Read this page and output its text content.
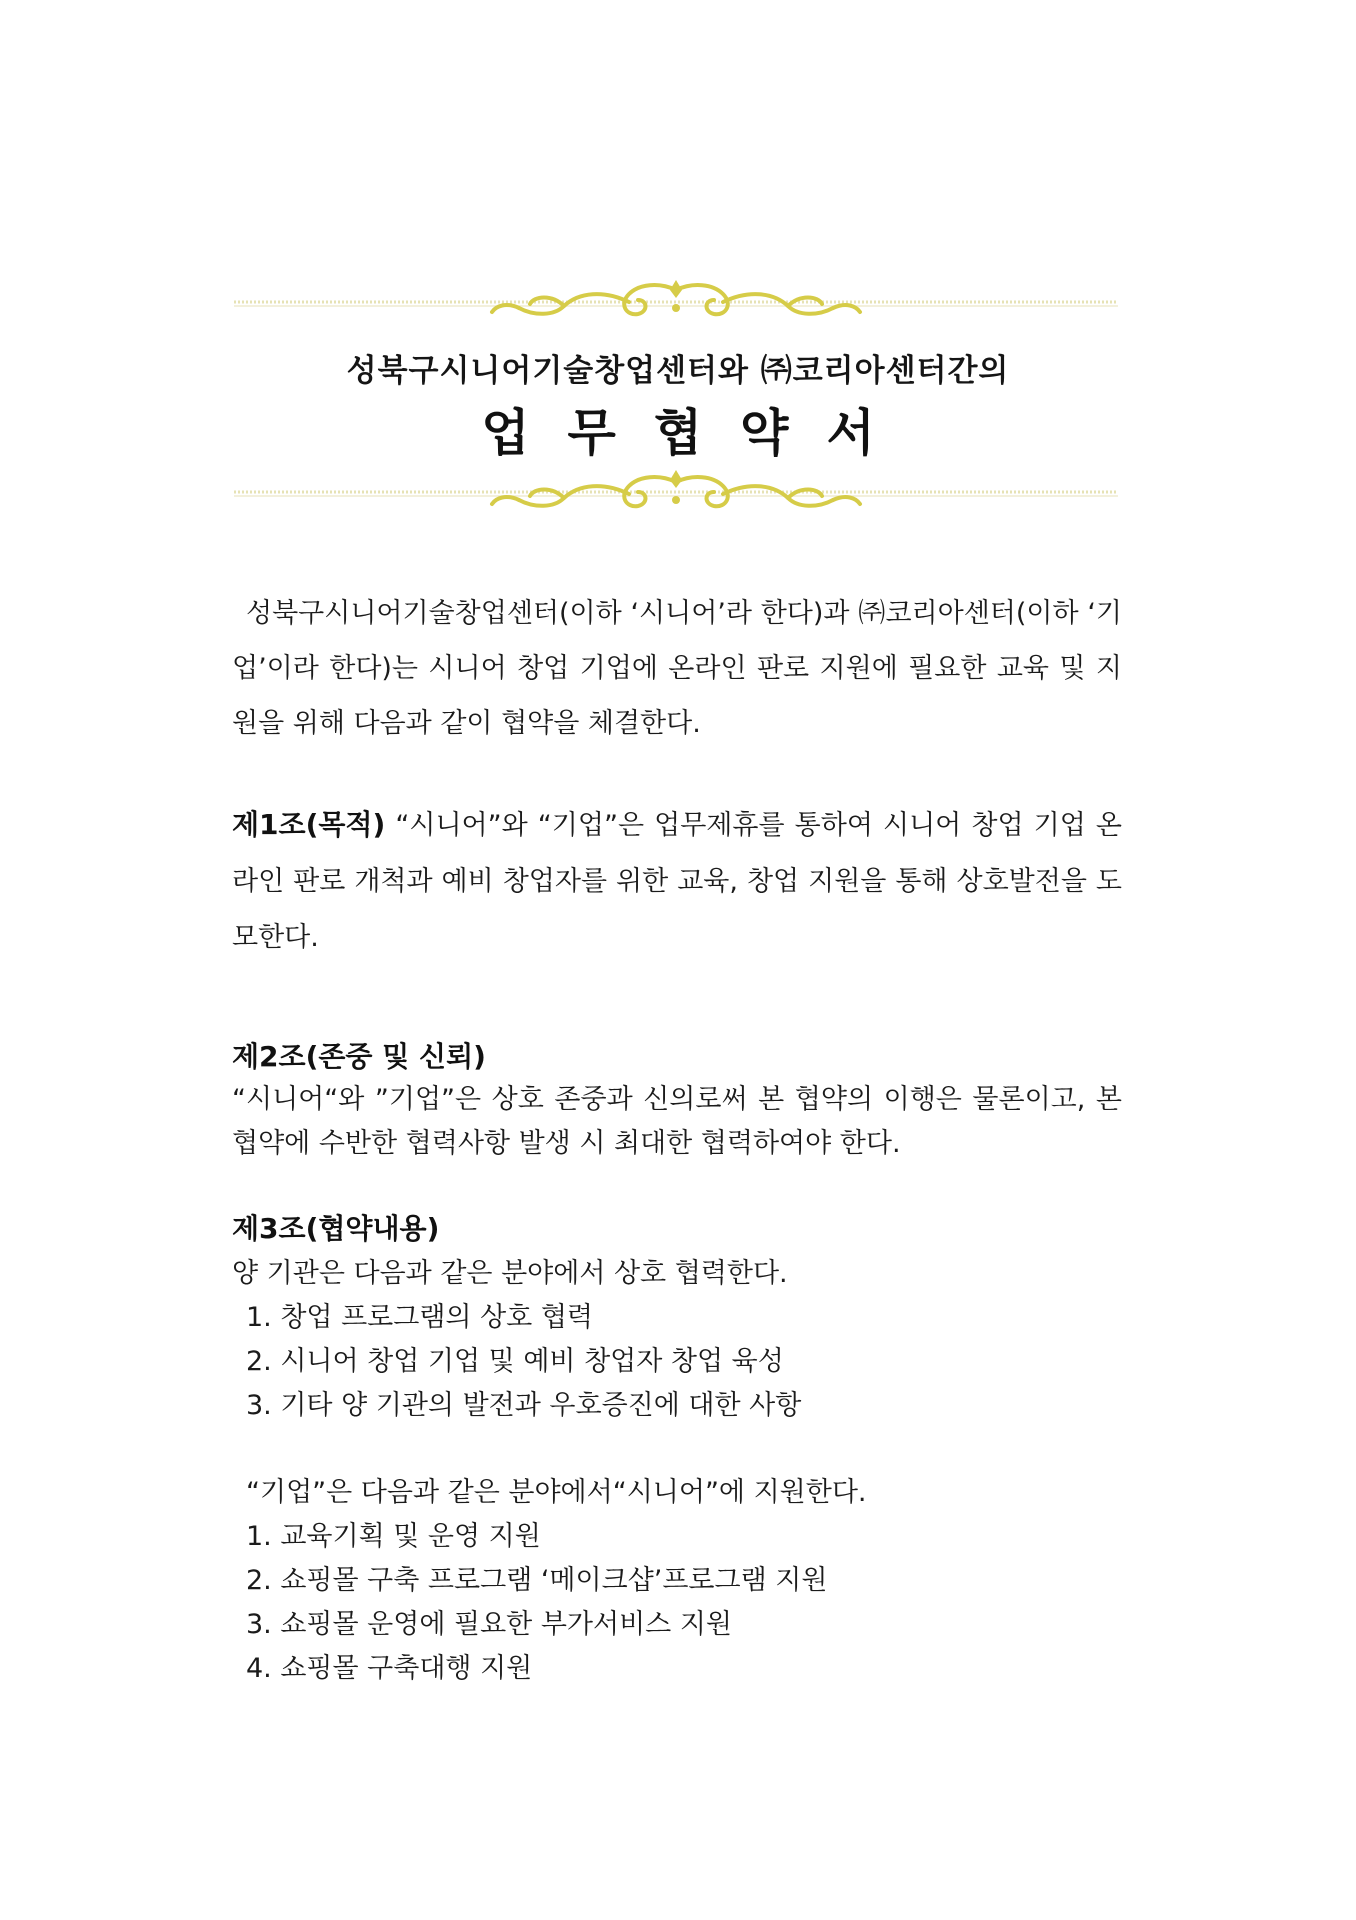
성북구시니어기술창업센터와 ㈜코리아센터간의
업무협약서
성북구시니어기술창업센터(이하 ‘시니어’라 한다)과 ㈜코리아센터(이하 ‘기업’이라 한다)는 시니어 창업 기업에 온라인 판로 지원에 필요한 교육 및 지원을 위해 다음과 같이 협약을 체결한다.
제1조(목적) “시니어”와 “기업”은 업무제휴를 통하여 시니어 창업 기업 온라인 판로 개척과 예비 창업자를 위한 교육, 창업 지원을 통해 상호발전을 도모한다.
제2조(존중 및 신뢰)
“시니어“와 ”기업”은 상호 존중과 신의로써 본 협약의 이행은 물론이고, 본 협약에 수반한 협력사항 발생 시 최대한 협력하여야 한다.
제3조(협약내용)
양 기관은 다음과 같은 분야에서 상호 협력한다.
1. 창업 프로그램의 상호 협력
2. 시니어 창업 기업 및 예비 창업자 창업 육성
3. 기타 양 기관의 발전과 우호증진에 대한 사항
“기업”은 다음과 같은 분야에서“시니어”에 지원한다.
1. 교육기획 및 운영 지원
2. 쇼핑몰 구축 프로그램 ‘메이크샵’프로그램 지원
3. 쇼핑몰 운영에 필요한 부가서비스 지원
4. 쇼핑몰 구축대행 지원
